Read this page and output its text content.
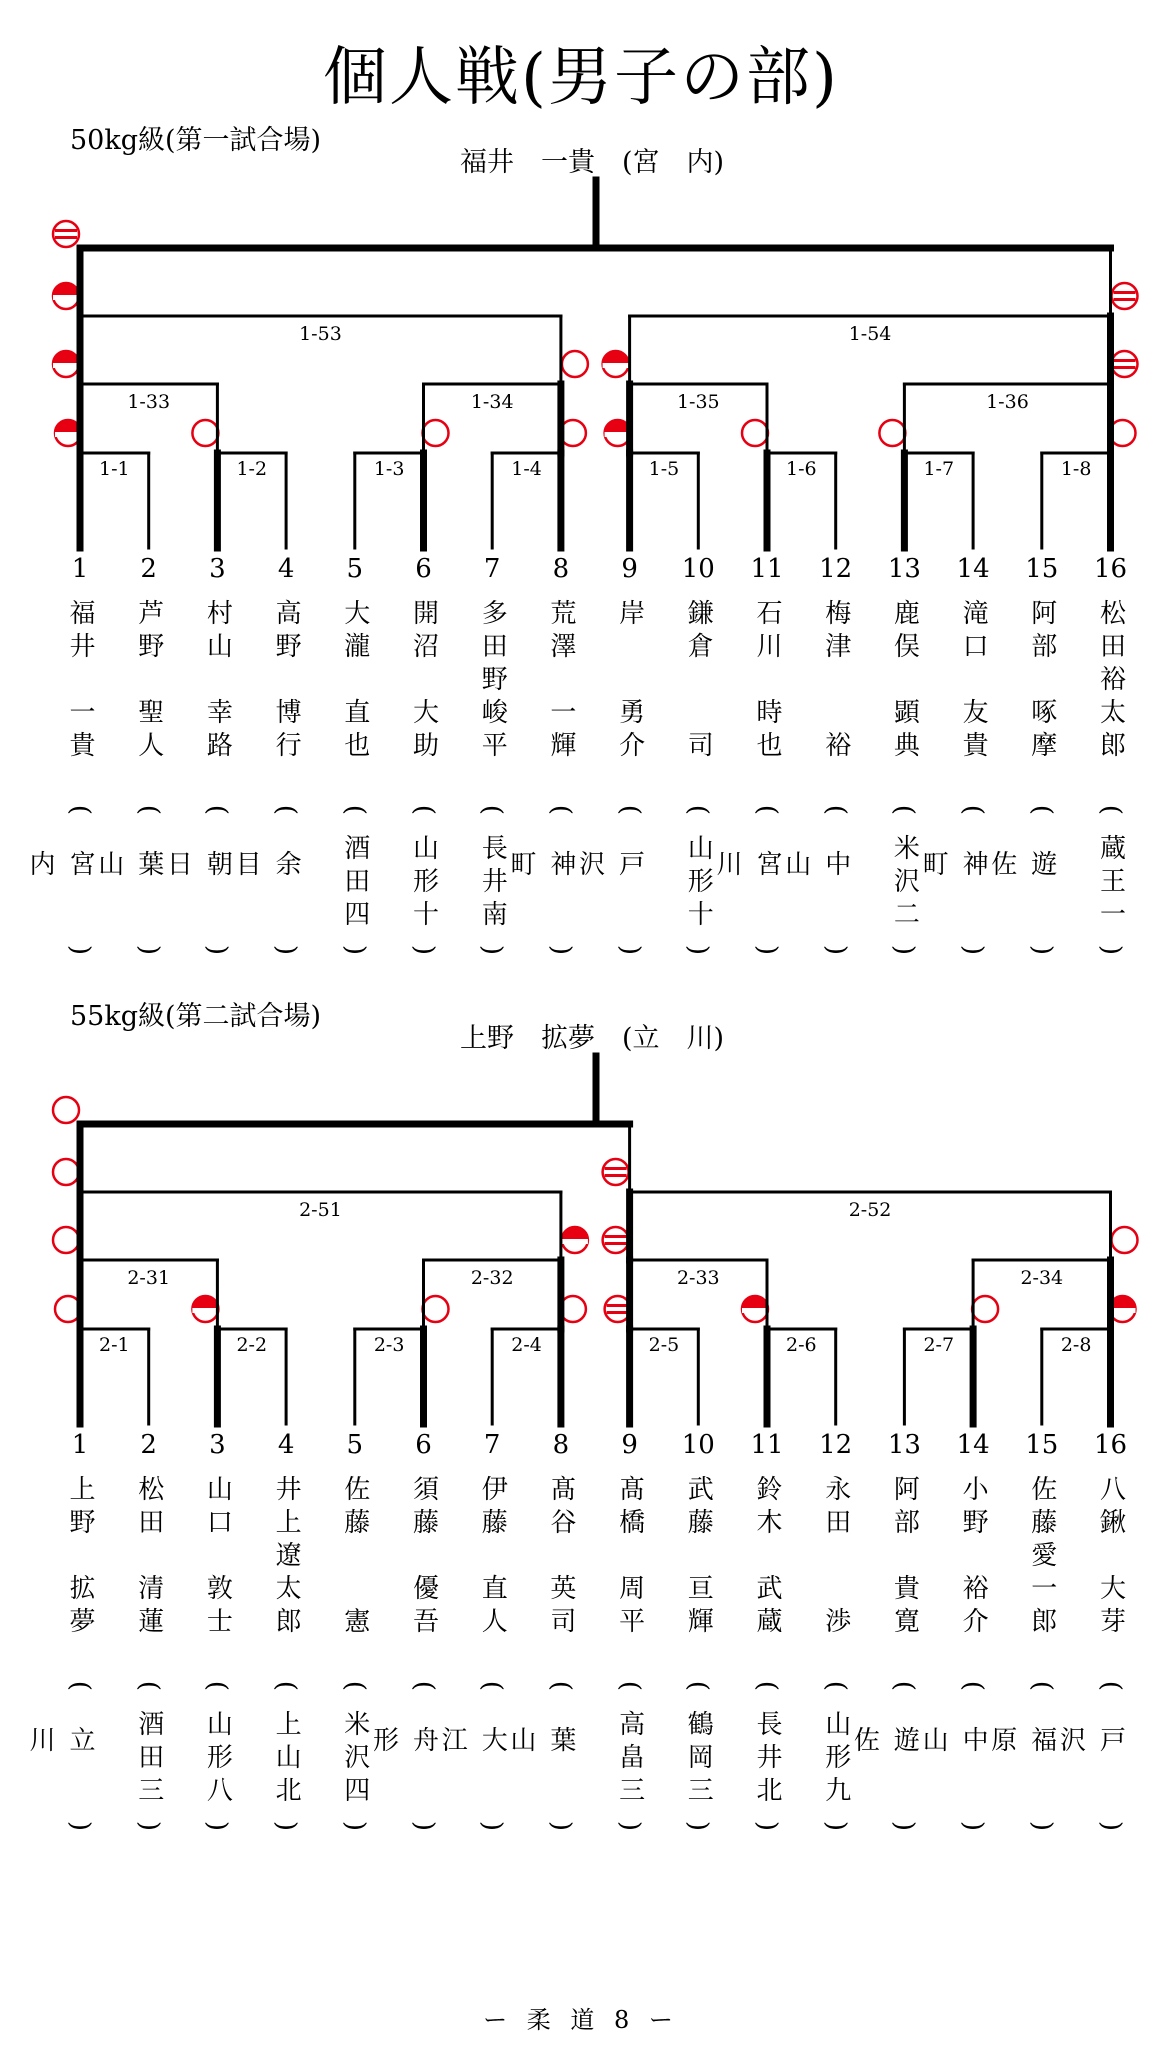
個人戦(男子の部)
50kg級(第一試合場)
福井　一貴　(宮　内)
1-1	1-2	1-3	1-4	1-5	1-6	1-7	1-8
1-33	1-34	1-35	1-36
1-53	1-54
1
福井
一貴
(
宮内
)
2
芦野
聖人
(
葉山
)
3
村山
幸路
(
朝日
)
4
高野
博行
(
余目
)
5
大瀧
直也
(
酒田四
)
6
開沼
大助
(
山形十
)
7
多田野
峻平
(
長井南
)
8
荒澤
一輝
(
神町
)
9
岸
勇介
(
戸沢
)
10
鎌倉
司
(
山形十
)
11
石川
時也
(
宮川
)
12
梅津
裕
(
中山
)
13
鹿俣
顕典
(
米沢二
)
14
滝口
友貴
(
神町
)
15
阿部
啄摩
(
遊佐
)
16
松田裕
太郎
(
蔵王一
)
55kg級(第二試合場)
上野　拡夢　(立　川)
2-1	2-2	2-3	2-4	2-5	2-6	2-7	2-8
2-31	2-32	2-33	2-34
2-51	2-52
1
上野
拡夢
(
立川
)
2
松田
清蓮
(
酒田三
)
3
山口
敦士
(
山形八
)
4
井上遼
太郎
(
上山北
)
5
佐藤
憲
(
米沢四
)
6
須藤
優吾
(
舟形
)
7
伊藤
直人
(
大江
)
8
髙谷
英司
(
葉山
)
9
髙橋
周平
(
高畠三
)
10
武藤
亘輝
(
鶴岡三
)
11
鈴木
武蔵
(
長井北
)
12
永田
渉
(
山形九
)
13
阿部
貴寛
(
遊佐
)
14
小野
裕介
(
中山
)
15
佐藤愛
一郎
(
福原
)
16
八鍬
大芽
(
戸沢
)
ー 柔 道 8 ー
